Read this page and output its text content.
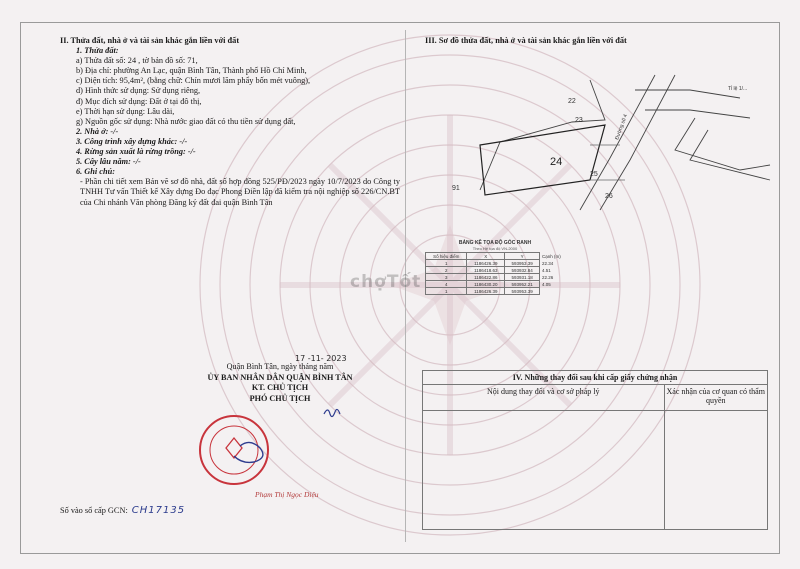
II. Thửa đất, nhà ở và tài sản khác gắn liền với đất
1. Thửa đất:
a) Thửa đất số: 24 , tờ bản đồ số: 71,
b) Địa chỉ: phường An Lạc, quận Bình Tân, Thành phố Hồ Chí Minh,
c) Diện tích: 95,4m², (bằng chữ: Chín mươi lăm phẩy bốn mét vuông),
d) Hình thức sử dụng: Sử dụng riêng,
đ) Mục đích sử dụng: Đất ở tại đô thị,
e) Thời hạn sử dụng: Lâu dài,
g) Nguồn gốc sử dụng: Nhà nước giao đất có thu tiền sử dụng đất,
2. Nhà ở: -/-
3. Công trình xây dựng khác: -/-
4. Rừng sản xuất là rừng trồng: -/-
5. Cây lâu năm: -/-
6. Ghi chú:
- Phần chi tiết xem Bản vẽ sơ đồ nhà, đất số hợp đồng 525/PĐ/2023 ngày 10/7/2023 do Công ty TNHH Tư vấn Thiết kế Xây dựng Đo đạc Phong Điền lập đã kiểm tra nội nghiệp số 226/CN.BT của Chi nhánh Văn phòng Đăng ký đất đai quận Bình Tân
17 -11- 2023
Quận Bình Tân, ngày tháng năm
ỦY BAN NHÂN DÂN QUẬN BÌNH TÂN
KT. CHỦ TỊCH
PHÓ CHỦ TỊCH
Phạm Thị Ngọc Diệu
Số vào sổ cấp GCN: CH17135
III. Sơ đồ thửa đất, nhà ở và tài sản khác gắn liền với đất
24
22
23
25
26
91
Tỉ lệ 1/...
Đường số 4
BẢNG KÊ TỌA ĐỘ GÓC RANH
Theo Hệ tọa độ VN-2000
Số hiệu điểm	X	Y	Cạnh (m)
1	1186426.39	593953.39	22.34
2	1186418.63	593932.84	4.51
3	1186422.86	593931.18	22.26
4	1186430.20	593952.21	4.05
1	1186426.39	593953.39	
chợTốt
IV. Những thay đổi sau khi cấp giấy chứng nhận	
Nội dung thay đổi và cơ sở pháp lý	Xác nhận của cơ quan có thẩm quyền
